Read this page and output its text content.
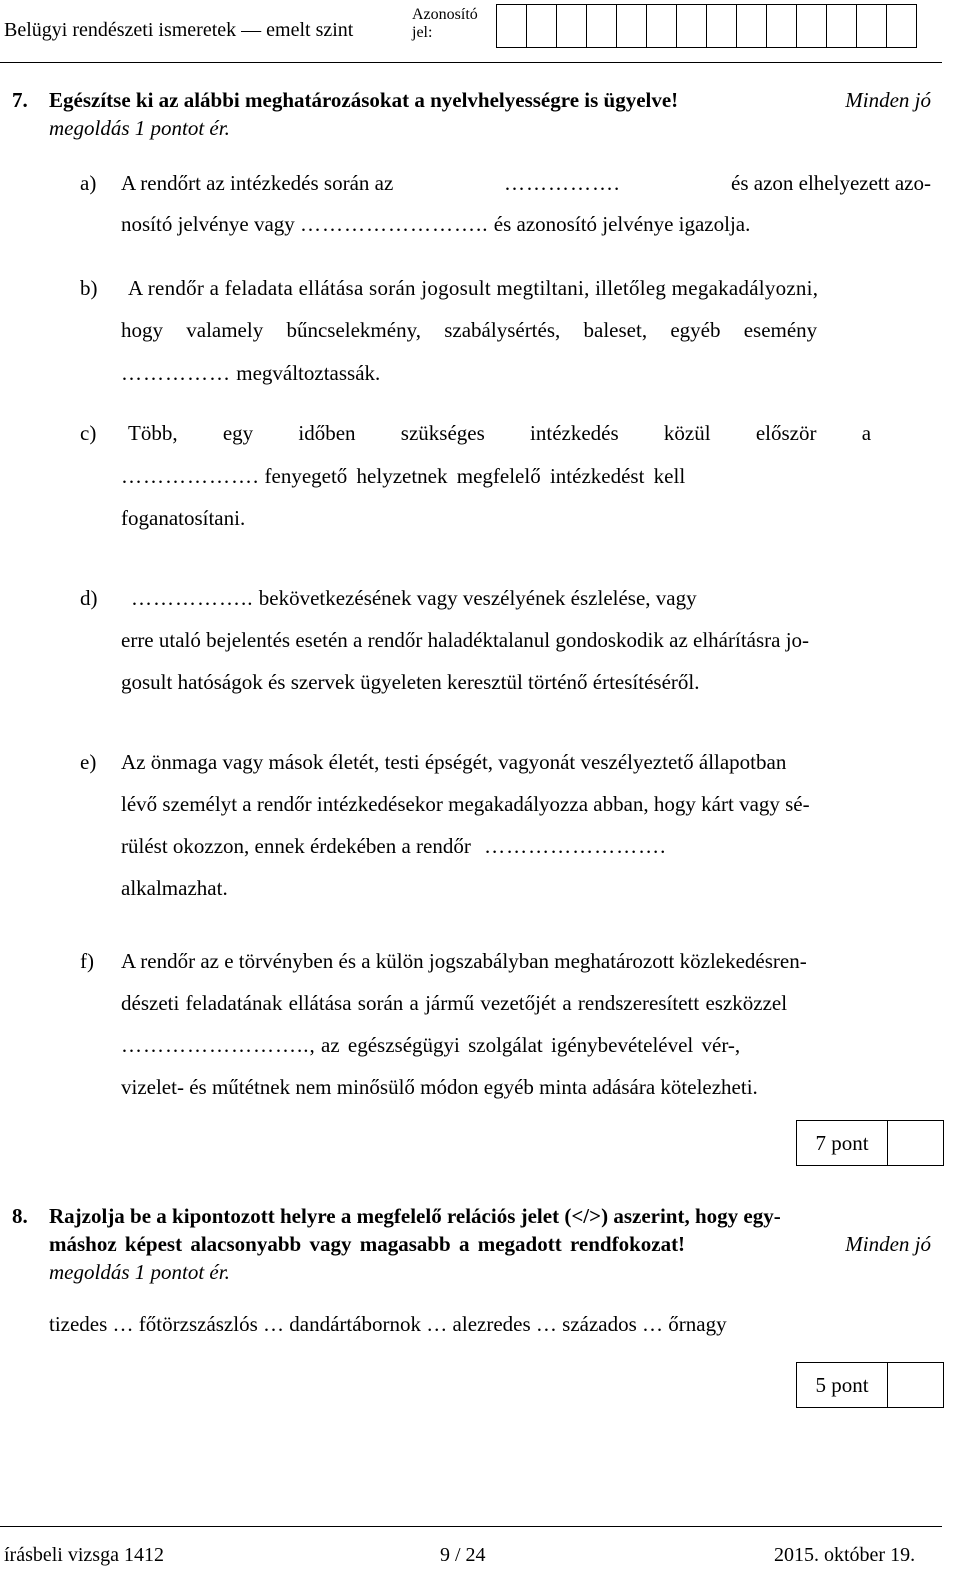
Belügyi rendészeti ismeretek — emelt szint
Azonosító jel:
7. Egészítse ki az alábbi meghatározásokat a nyelvhelyességre is ügyelve!	Minden jó
megoldás 1 pontot ér.
a) A rendőrt az intézkedés során az	…………….	és azon elhelyezett azo-
nosító jelvénye vagy …………………….. és azonosító jelvénye igazolja.
b) A rendőr a feladata ellátása során jogosult megtiltani, illetőleg megakadályozni,
hogy valamely bűncselekmény, szabálysértés, baleset, egyéb esemény
…………… megváltoztassák.
c) Több, egy időben szükséges intézkedés közül először a
………………. fenyegető helyzetnek megfelelő intézkedést kell
foganatosítani.
d)	…………….. bekövetkezésének vagy veszélyének észlelése, vagy
erre utaló bejelentés esetén a rendőr haladéktalanul gondoskodik az elhárításra jo-
gosult hatóságok és szervek ügyeleten keresztül történő értesítéséről.
e) Az önmaga vagy mások életét, testi épségét, vagyonát veszélyeztető állapotban
lévő személyt a rendőr intézkedésekor megakadályozza abban, hogy kárt vagy sé-
rülést okozzon, ennek érdekében a rendőr …………………….
alkalmazhat.
f) A rendőr az e törvényben és a külön jogszabályban meghatározott közlekedésren-
dészeti feladatának ellátása során a jármű vezetőjét a rendszeresített eszközzel
…………………….., az egészségügyi szolgálat igénybevételével vér-,
vizelet- és műtétnek nem minősülő módon egyéb minta adására kötelezheti.
7 pont
8. Rajzolja be a kipontozott helyre a megfelelő relációs jelet (</>) aszerint, hogy egy-
máshoz képest alacsonyabb vagy magasabb a megadott rendfokozat!	Minden jó
megoldás 1 pontot ér.
tizedes … főtörzszászlós … dandártábornok … alezredes … százados … őrnagy
5 pont
írásbeli vizsga 1412	9 / 24	2015. október 19.
